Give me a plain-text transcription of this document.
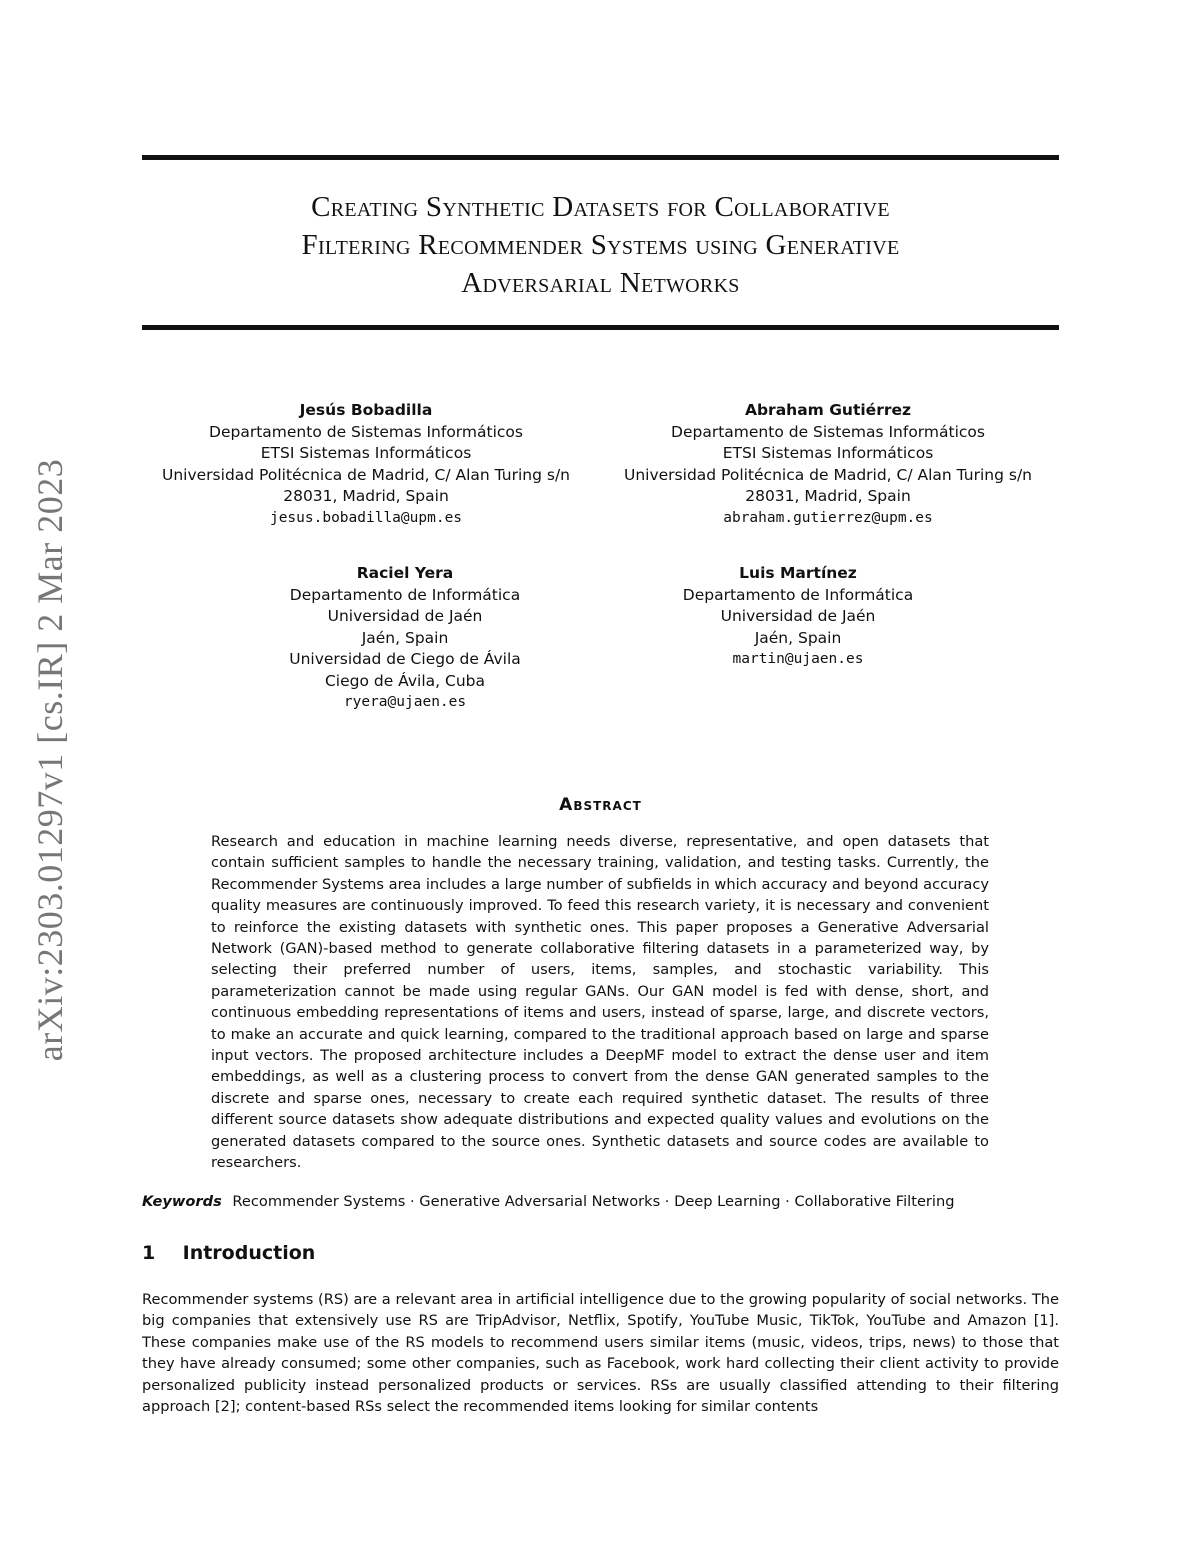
arXiv:2303.01297v1 [cs.IR] 2 Mar 2023
Creating Synthetic Datasets for Collaborative
Filtering Recommender Systems using Generative
Adversarial Networks
Jesús Bobadilla
Departamento de Sistemas Informáticos
ETSI Sistemas Informáticos
Universidad Politécnica de Madrid, C/ Alan Turing s/n
28031, Madrid, Spain
jesus.bobadilla@upm.es
Abraham Gutiérrez
Departamento de Sistemas Informáticos
ETSI Sistemas Informáticos
Universidad Politécnica de Madrid, C/ Alan Turing s/n
28031, Madrid, Spain
abraham.gutierrez@upm.es
Raciel Yera
Departamento de Informática
Universidad de Jaén
Jaén, Spain
Universidad de Ciego de Ávila
Ciego de Ávila, Cuba
ryera@ujaen.es
Luis Martínez
Departamento de Informática
Universidad de Jaén
Jaén, Spain
martin@ujaen.es
Abstract
Research and education in machine learning needs diverse, representative, and open datasets that contain sufficient samples to handle the necessary training, validation, and testing tasks. Currently, the Recommender Systems area includes a large number of subfields in which accuracy and beyond accuracy quality measures are continuously improved. To feed this research variety, it is necessary and convenient to reinforce the existing datasets with synthetic ones. This paper proposes a Generative Adversarial Network (GAN)-based method to generate collaborative filtering datasets in a parameterized way, by selecting their preferred number of users, items, samples, and stochastic variability. This parameterization cannot be made using regular GANs. Our GAN model is fed with dense, short, and continuous embedding representations of items and users, instead of sparse, large, and discrete vectors, to make an accurate and quick learning, compared to the traditional approach based on large and sparse input vectors. The proposed architecture includes a DeepMF model to extract the dense user and item embeddings, as well as a clustering process to convert from the dense GAN generated samples to the discrete and sparse ones, necessary to create each required synthetic dataset. The results of three different source datasets show adequate distributions and expected quality values and evolutions on the generated datasets compared to the source ones. Synthetic datasets and source codes are available to researchers.
Keywords Recommender Systems · Generative Adversarial Networks · Deep Learning · Collaborative Filtering
1 Introduction
Recommender systems (RS) are a relevant area in artificial intelligence due to the growing popularity of social networks. The big companies that extensively use RS are TripAdvisor, Netflix, Spotify, YouTube Music, TikTok, YouTube and Amazon [1]. These companies make use of the RS models to recommend users similar items (music, videos, trips, news) to those that they have already consumed; some other companies, such as Facebook, work hard collecting their client activity to provide personalized publicity instead personalized products or services. RSs are usually classified attending to their filtering approach [2]; content-based RSs select the recommended items looking for similar contents
